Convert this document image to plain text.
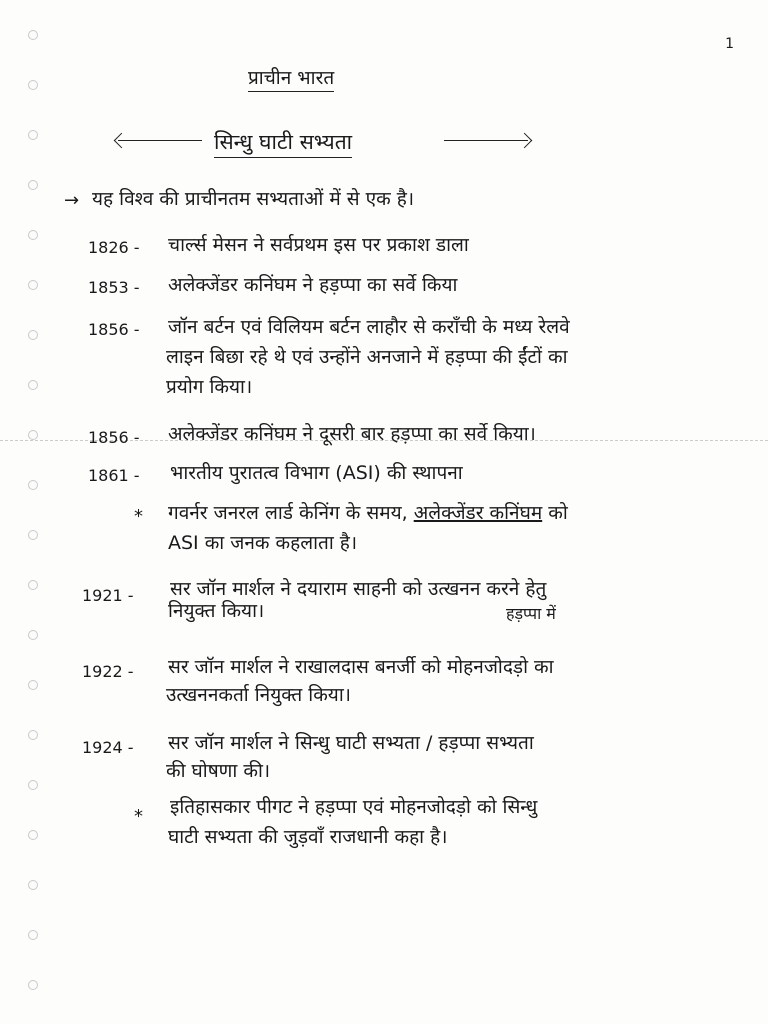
1
प्राचीन भारत
सिन्धु घाटी सभ्यता
→ यह विश्व की प्राचीनतम सभ्यताओं में से एक है।
1826 - चार्ल्स मेसन ने सर्वप्रथम इस पर प्रकाश डाला
1853 - अलेक्जेंडर कनिंघम ने हड़प्पा का सर्वे किया
1856 - जॉन बर्टन एवं विलियम बर्टन लाहौर से कराँची के मध्य रेलवे
लाइन बिछा रहे थे एवं उन्होंने अनजाने में हड़प्पा की ईंटों का
प्रयोग किया।
1856 - अलेक्जेंडर कनिंघम ने दूसरी बार हड़प्पा का सर्वे किया।
1861 - भारतीय पुरातत्व विभाग (ASI) की स्थापना
* गवर्नर जनरल लार्ड केनिंग के समय, अलेक्जेंडर कनिंघम को
ASI का जनक कहलाता है।
1921 - सर जॉन मार्शल ने दयाराम साहनी को उत्खनन करने हेतु
नियुक्त किया।	हड़प्पा में
1922 - सर जॉन मार्शल ने राखालदास बनर्जी को मोहनजोदड़ो का
उत्खननकर्ता नियुक्त किया।
1924 - सर जॉन मार्शल ने सिन्धु घाटी सभ्यता / हड़प्पा सभ्यता
की घोषणा की।
* इतिहासकार पीगट ने हड़प्पा एवं मोहनजोदड़ो को सिन्धु
घाटी सभ्यता की जुड़वाँ राजधानी कहा है।
